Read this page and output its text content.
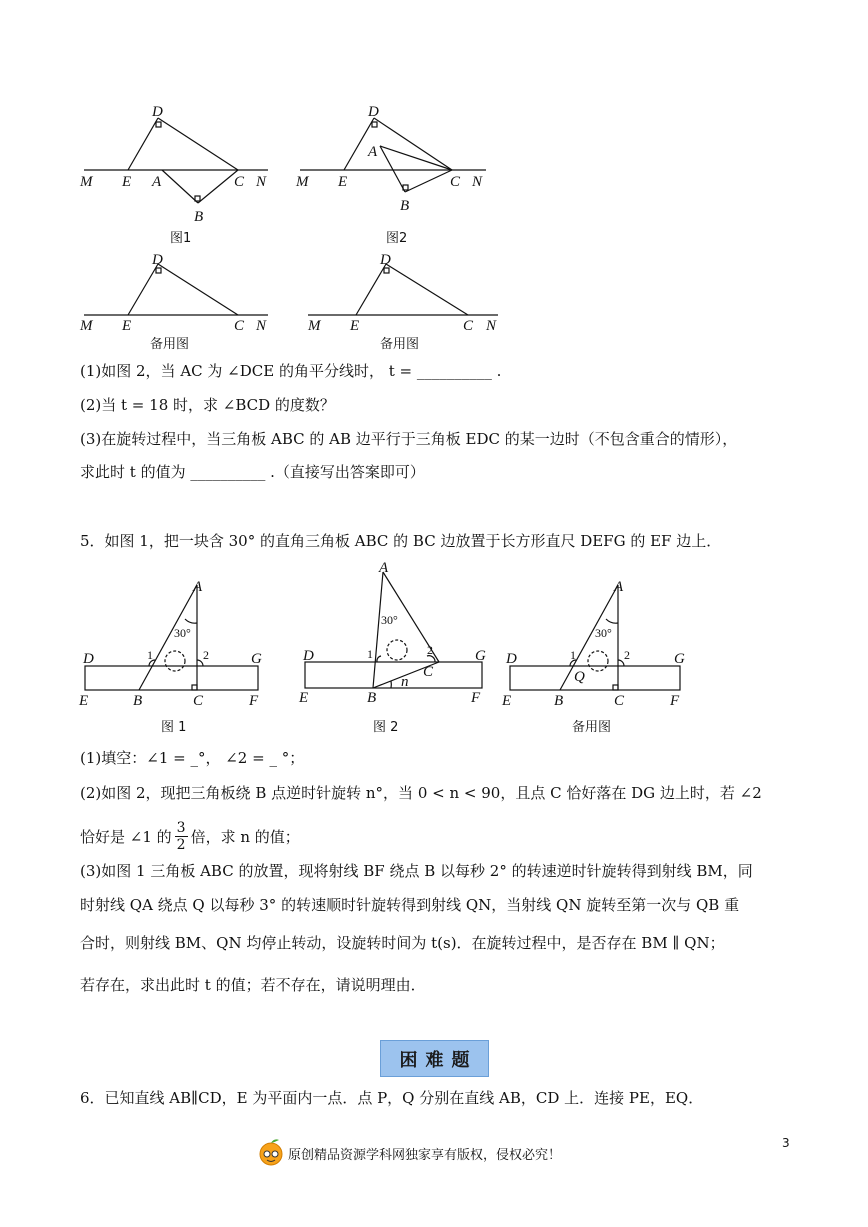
D
M E A	C N
B
图1
D
A
M E	C N
B
图2
D
M E	C N
备用图
D
M E	C N
备用图
(1)如图 2，当 AC 为 ∠DCE 的角平分线时， t = __________ .
(2)当 t = 18 时，求 ∠BCD 的度数？
(3)在旋转过程中，当三角板 ABC 的 AB 边平行于三角板 EDC 的某一边时（不包含重合的情形），
求此时 t 的值为 __________ .（直接写出答案即可）
5．如图 1，把一块含 30° 的直角三角板 ABC 的 BC 边放置于长方形直尺 DEFG 的 EF 边上．
A
30°
1	2
D	G
E	B	C	F
图 1
A
30°
1	2
C
n
D	G
E	B	F
图 2
A
30°
1	2
Q
D	G
E	B	C	F
备用图
(1)填空：∠1 = _°， ∠2 = _ °；
(2)如图 2，现把三角板绕 B 点逆时针旋转 n°，当 0 < n < 90，且点 C 恰好落在 DG 边上时，若 ∠2
恰好是 ∠1 的 $\frac{3}{2}$ 倍，求 n 的值；
(3)如图 1 三角板 ABC 的放置，现将射线 BF 绕点 B 以每秒 2° 的转速逆时针旋转得到射线 BM，同
时射线 QA 绕点 Q 以每秒 3° 的转速顺时针旋转得到射线 QN，当射线 QN 旋转至第一次与 QB 重
合时，则射线 BM、QN 均停止转动，设旋转时间为 t(s)．在旋转过程中，是否存在 BM ∥ QN；
若存在，求出此时 t 的值；若不存在，请说明理由．
困难题
6．已知直线 AB∥CD，E 为平面内一点．点 P，Q 分别在直线 AB，CD 上．连接 PE，EQ．
原创精品资源学科网独家享有版权，侵权必究！
3
